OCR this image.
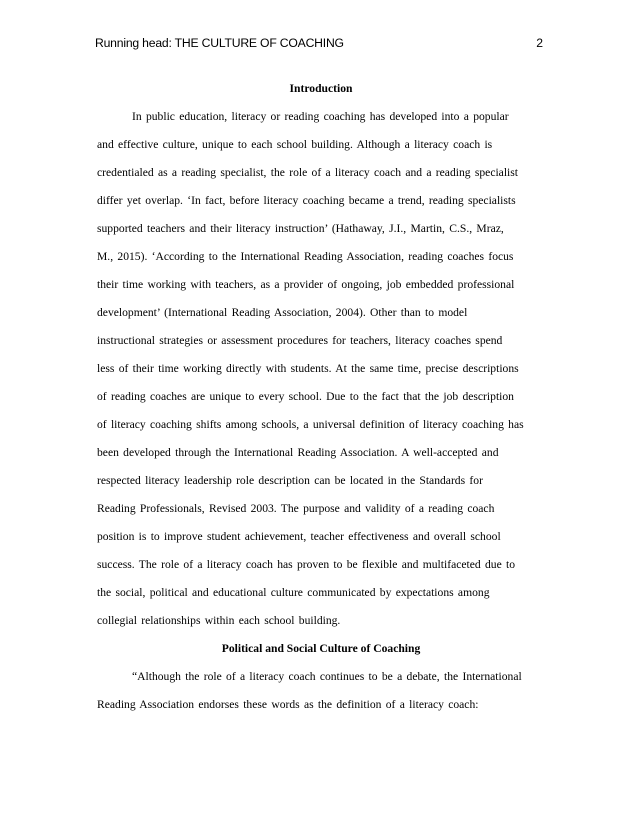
Running head: THE CULTURE OF COACHING	2
Introduction
In public education, literacy or reading coaching has developed into a popular
and effective culture, unique to each school building. Although a literacy coach is
credentialed as a reading specialist, the role of a literacy coach and a reading specialist
differ yet overlap. ‘In fact, before literacy coaching became a trend, reading specialists
supported teachers and their literacy instruction’ (Hathaway, J.I., Martin, C.S., Mraz,
M., 2015). ‘According to the International Reading Association, reading coaches focus
their time working with teachers, as a provider of ongoing, job embedded professional
development’ (International Reading Association, 2004). Other than to model
instructional strategies or assessment procedures for teachers, literacy coaches spend
less of their time working directly with students. At the same time, precise descriptions
of reading coaches are unique to every school. Due to the fact that the job description
of literacy coaching shifts among schools, a universal definition of literacy coaching has
been developed through the International Reading Association. A well-accepted and
respected literacy leadership role description can be located in the Standards for
Reading Professionals, Revised 2003. The purpose and validity of a reading coach
position is to improve student achievement, teacher effectiveness and overall school
success. The role of a literacy coach has proven to be flexible and multifaceted due to
the social, political and educational culture communicated by expectations among
collegial relationships within each school building.
Political and Social Culture of Coaching
“Although the role of a literacy coach continues to be a debate, the International
Reading Association endorses these words as the definition of a literacy coach:
